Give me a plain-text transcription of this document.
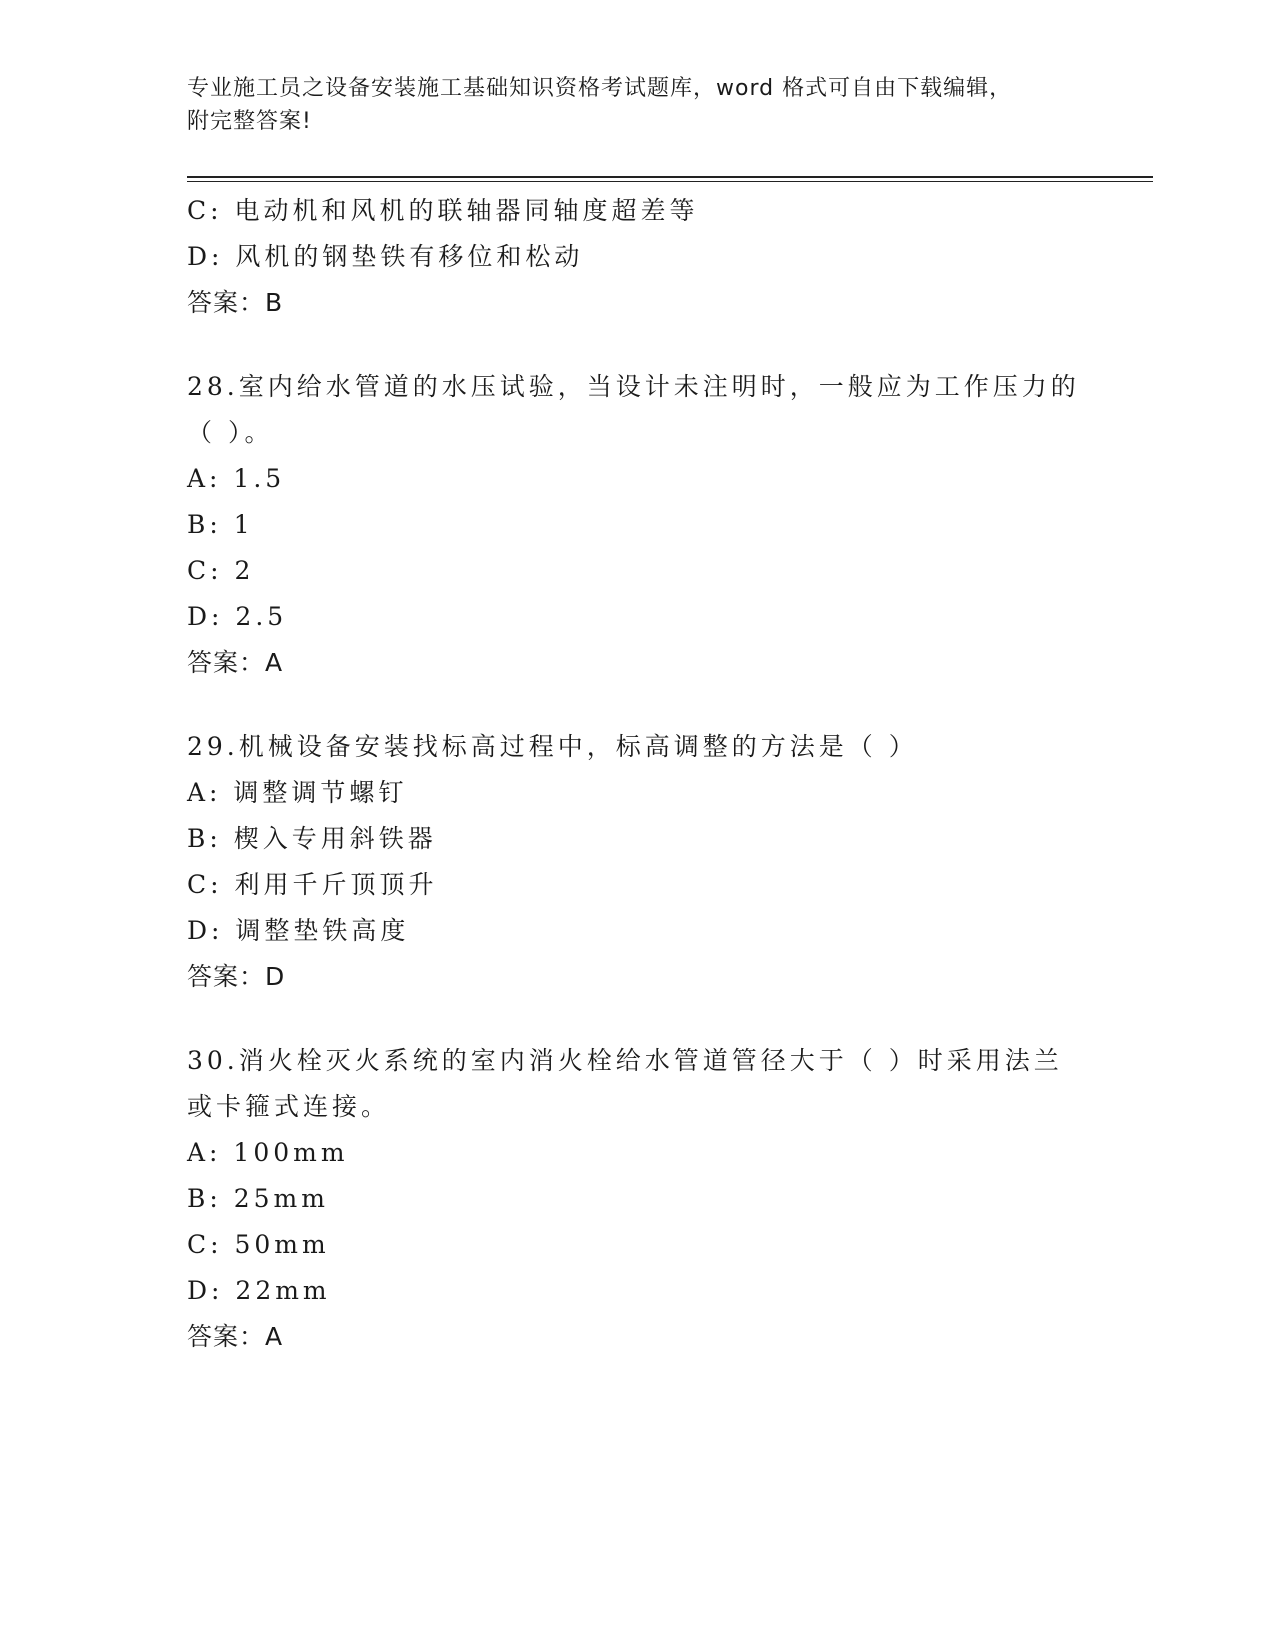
专业施工员之设备安装施工基础知识资格考试题库，word 格式可自由下载编辑，
附完整答案!
C: 电动机和风机的联轴器同轴度超差等
D: 风机的钢垫铁有移位和松动
答案：B
28.室内给水管道的水压试验，当设计未注明时，一般应为工作压力的
（ ）。
A: 1.5
B: 1
C: 2
D: 2.5
答案：A
29.机械设备安装找标高过程中，标高调整的方法是（ ）
A: 调整调节螺钉
B: 楔入专用斜铁器
C: 利用千斤顶顶升
D: 调整垫铁高度
答案：D
30.消火栓灭火系统的室内消火栓给水管道管径大于（ ）时采用法兰
或卡箍式连接。
A: 100mm
B: 25mm
C: 50mm
D: 22mm
答案：A
